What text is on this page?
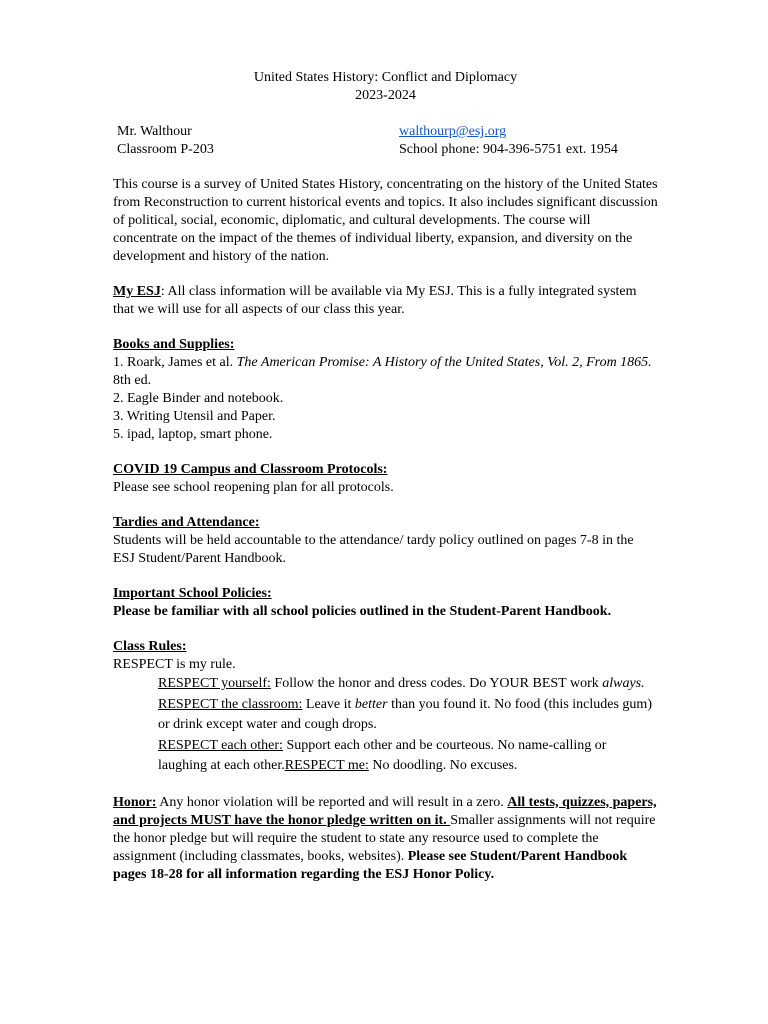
United States History: Conflict and Diplomacy
2023-2024
Mr. Walthour
Classroom P-203
walthourp@esj.org
School phone: 904-396-5751 ext. 1954
This course is a survey of United States History, concentrating on the history of the United States from Reconstruction to current historical events and topics. It also includes significant discussion of political, social, economic, diplomatic, and cultural developments. The course will concentrate on the impact of the themes of individual liberty, expansion, and diversity on the development and history of the nation.
My ESJ: All class information will be available via My ESJ. This is a fully integrated system that we will use for all aspects of our class this year.
Books and Supplies:
1. Roark, James et al. The American Promise: A History of the United States, Vol. 2, From 1865. 8th ed.
2. Eagle Binder and notebook.
3. Writing Utensil and Paper.
5. ipad, laptop, smart phone.
COVID 19 Campus and Classroom Protocols:
Please see school reopening plan for all protocols.
Tardies and Attendance:
Students will be held accountable to the attendance/ tardy policy outlined on pages 7-8 in the ESJ Student/Parent Handbook.
Important School Policies:
Please be familiar with all school policies outlined in the Student-Parent Handbook.
Class Rules:
RESPECT is my rule.
RESPECT yourself: Follow the honor and dress codes. Do YOUR BEST work always.
RESPECT the classroom: Leave it better than you found it. No food (this includes gum) or drink except water and cough drops.
RESPECT each other: Support each other and be courteous. No name-calling or laughing at each other.RESPECT me: No doodling. No excuses.
Honor: Any honor violation will be reported and will result in a zero. All tests, quizzes, papers, and projects MUST have the honor pledge written on it. Smaller assignments will not require the honor pledge but will require the student to state any resource used to complete the assignment (including classmates, books, websites). Please see Student/Parent Handbook pages 18-28 for all information regarding the ESJ Honor Policy.
